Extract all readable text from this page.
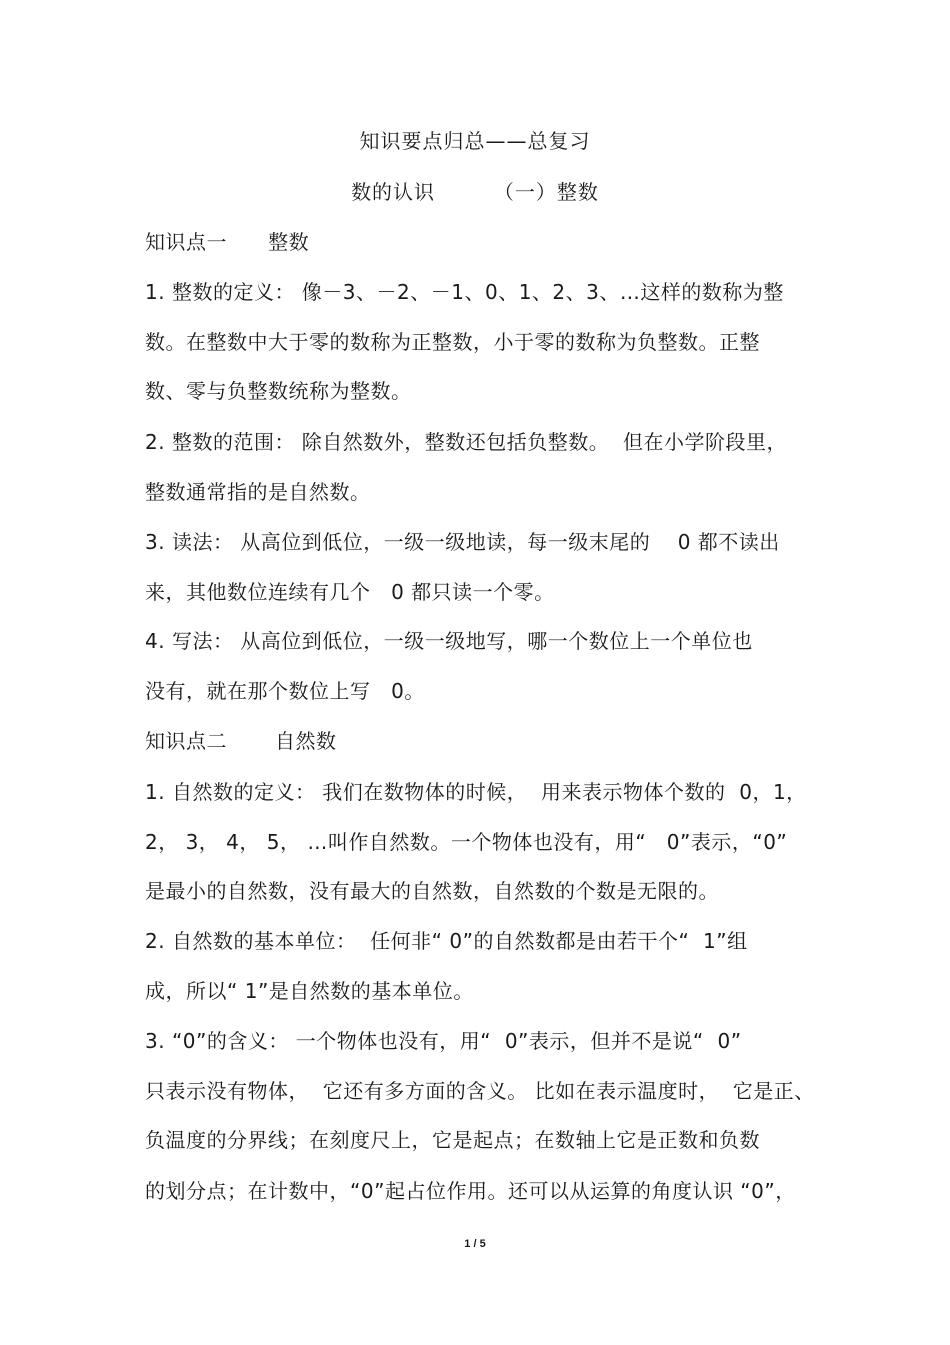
知识要点归总——总复习
数的认识        （一）整数
知识点一      整数
1. 整数的定义： 像－3、－2、－1、0、1、2、3、…这样的数称为整
数。在整数中大于零的数称为正整数，小于零的数称为负整数。正整
数、零与负整数统称为整数。
2. 整数的范围： 除自然数外，整数还包括负整数。  但在小学阶段里，
整数通常指的是自然数。
3. 读法： 从高位到低位，一级一级地读，每一级末尾的    0 都不读出
来，其他数位连续有几个   0 都只读一个零。
4. 写法： 从高位到低位，一级一级地写，哪一个数位上一个单位也
没有，就在那个数位上写   0。
知识点二       自然数
1. 自然数的定义： 我们在数物体的时候，  用来表示物体个数的  0，1，
2， 3， 4， 5， …叫作自然数。一个物体也没有，用“   0”表示，“0”
是最小的自然数，没有最大的自然数，自然数的个数是无限的。
2. 自然数的基本单位：  任何非“ 0”的自然数都是由若干个“  1”组
成，所以“ 1”是自然数的基本单位。
3. “0”的含义： 一个物体也没有，用“  0”表示，但并不是说“  0”
只表示没有物体，  它还有多方面的含义。 比如在表示温度时，  它是正、
负温度的分界线；在刻度尺上，它是起点；在数轴上它是正数和负数
的划分点；在计数中，“0”起占位作用。还可以从运算的角度认识 “0”，
1 / 5
